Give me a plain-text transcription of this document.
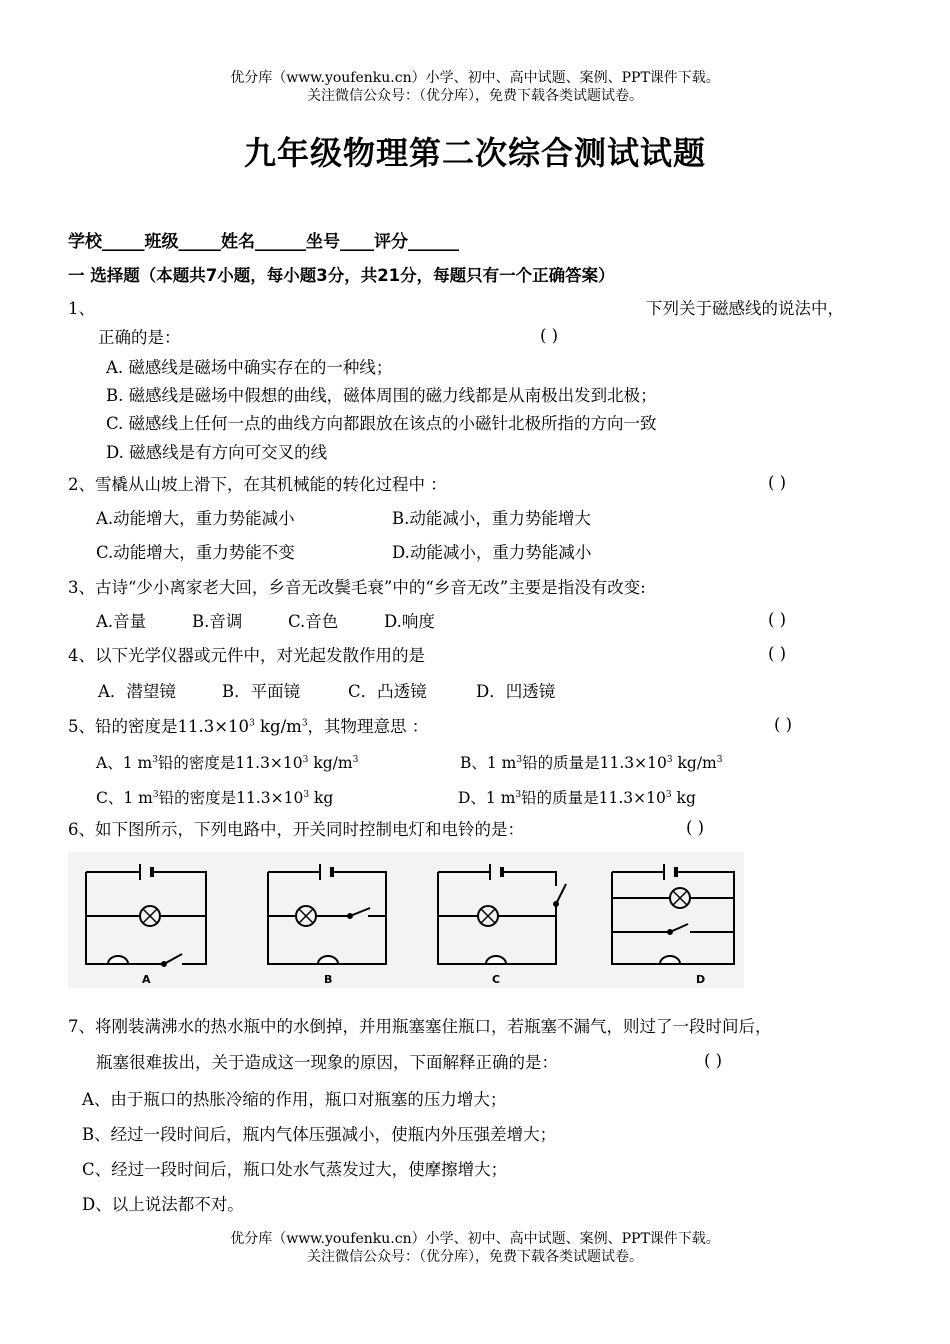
优分库（www.youfenku.cn）小学、初中、高中试题、案例、PPT课件下载。
关注微信公众号：（优分库），免费下载各类试题试卷。
九年级物理第二次综合测试试题
学校_____班级_____姓名______坐号____评分______
一 选择题（本题共7小题，每小题3分，共21分，每题只有一个正确答案）
1、	下列关于磁感线的说法中，
正确的是：	( )
A. 磁感线是磁场中确实存在的一种线；
B. 磁感线是磁场中假想的曲线，磁体周围的磁力线都是从南极出发到北极；
C. 磁感线上任何一点的曲线方向都跟放在该点的小磁针北极所指的方向一致
D. 磁感线是有方向可交叉的线
2、雪橇从山坡上滑下，在其机械能的转化过程中 ：	( )
A.动能增大，重力势能减小	B.动能减小，重力势能增大
C.动能增大，重力势能不变	D.动能减小，重力势能减小
3、古诗“少小离家老大回，乡音无改鬓毛衰”中的“乡音无改”主要是指没有改变:
A.音量	B.音调	C.音色	D.响度	( )
4、以下光学仪器或元件中，对光起发散作用的是	( )
A．潜望镜	B．平面镜	C．凸透镜	D．凹透镜
5、铅的密度是$11.3\times 10^3$ $kg/m^3$，其物理意思 ：	( )
A、1 $m^3$铅的密度是$11.3\times 10^3$ $kg/m^3$	B、1 $m^3$铅的质量是$11.3\times 10^3$ $kg/m^3$
C、1 $m^3$铅的密度是$11.3\times 10^3$ kg	D、1 $m^3$铅的质量是$11.3\times 10^3$ kg
6、如下图所示，下列电路中，开关同时控制电灯和电铃的是：	( )
A	B	C	D
7、将刚装满沸水的热水瓶中的水倒掉，并用瓶塞塞住瓶口，若瓶塞不漏气，则过了一段时间后，
瓶塞很难拔出，关于造成这一现象的原因，下面解释正确的是：	( )
A、由于瓶口的热胀冷缩的作用，瓶口对瓶塞的压力增大；
B、经过一段时间后，瓶内气体压强减小，使瓶内外压强差增大；
C、经过一段时间后，瓶口处水气蒸发过大，使摩擦增大；
D、以上说法都不对。
优分库（www.youfenku.cn）小学、初中、高中试题、案例、PPT课件下载。
关注微信公众号：（优分库），免费下载各类试题试卷。
